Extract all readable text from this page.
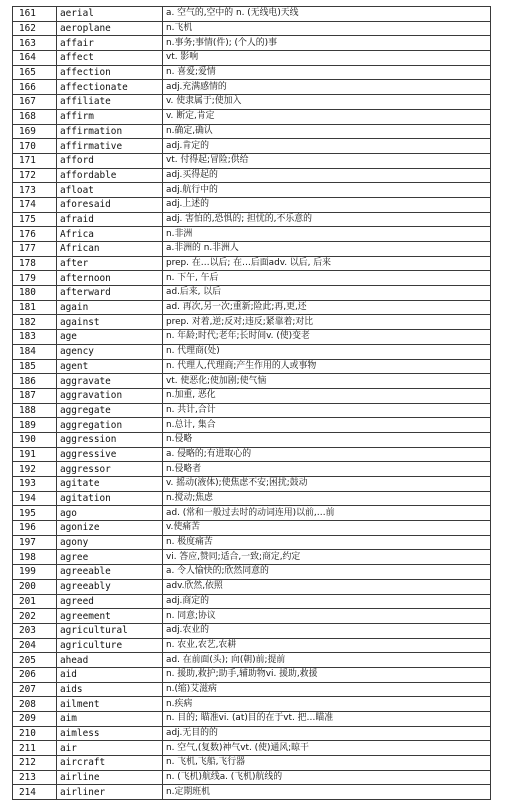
161	aerial	a. 空气的,空中的 n. (无线电)天线
162	aeroplane	n.飞机
163	affair	n.事务;事情(件); (个人的)事
164	affect	vt. 影响
165	affection	n. 喜爱;爱情
166	affectionate	adj.充满感情的
167	affiliate	v. 使隶属于;使加入
168	affirm	v. 断定,肯定
169	affirmation	n.确定,确认
170	affirmative	adj.肯定的
171	afford	vt. 付得起;冒险;供给
172	affordable	adj.买得起的
173	afloat	adj.航行中的
174	aforesaid	adj.上述的
175	afraid	adj. 害怕的,恐惧的; 担忧的,不乐意的
176	Africa	n.非洲
177	African	a.非洲的 n.非洲人
178	after	prep. 在…以后; 在…后面adv. 以后, 后来
179	afternoon	n. 下午, 午后
180	afterward	ad.后来, 以后
181	again	ad. 再次,另一次;重新;险此;再,更,还
182	against	prep. 对着,逆;反对;违反;紧靠着;对比
183	age	n. 年龄;时代;老年;长时间v. (使)变老
184	agency	n. 代理商(处)
185	agent	n. 代理人,代理商;产生作用的人或事物
186	aggravate	vt. 使恶化;使加剧;使气恼
187	aggravation	n.加重, 恶化
188	aggregate	n. 共计,合计
189	aggregation	n.总计, 集合
190	aggression	n.侵略
191	aggressive	a. 侵略的;有进取心的
192	aggressor	n.侵略者
193	agitate	v. 摇动(液体);使焦虑不安;困扰;鼓动
194	agitation	n.搅动;焦虑
195	ago	ad. (常和一般过去时的动词连用)以前,…前
196	agonize	v.使痛苦
197	agony	n. 极度痛苦
198	agree	vi. 答应,赞同;适合,一致;商定,约定
199	agreeable	a. 令人愉快的;欣然同意的
200	agreeably	adv.欣然,依照
201	agreed	adj.商定的
202	agreement	n. 同意;协议
203	agricultural	adj.农业的
204	agriculture	n. 农业,农艺,农耕
205	ahead	ad. 在前面(头); 向(朝)前;提前
206	aid	n. 援助,救护;助手,辅助物vi. 援助,救援
207	aids	n.(缩)艾滋病
208	ailment	n.疾病
209	aim	n. 目的; 瞄准vi. (at)目的在于vt. 把…瞄准
210	aimless	adj.无目的的
211	air	n. 空气,(复数)神气vt. (使)通风;晾干
212	aircraft	n. 飞机,飞船,飞行器
213	airline	n. (飞机)航线a. (飞机)航线的
214	airliner	n.定期班机
